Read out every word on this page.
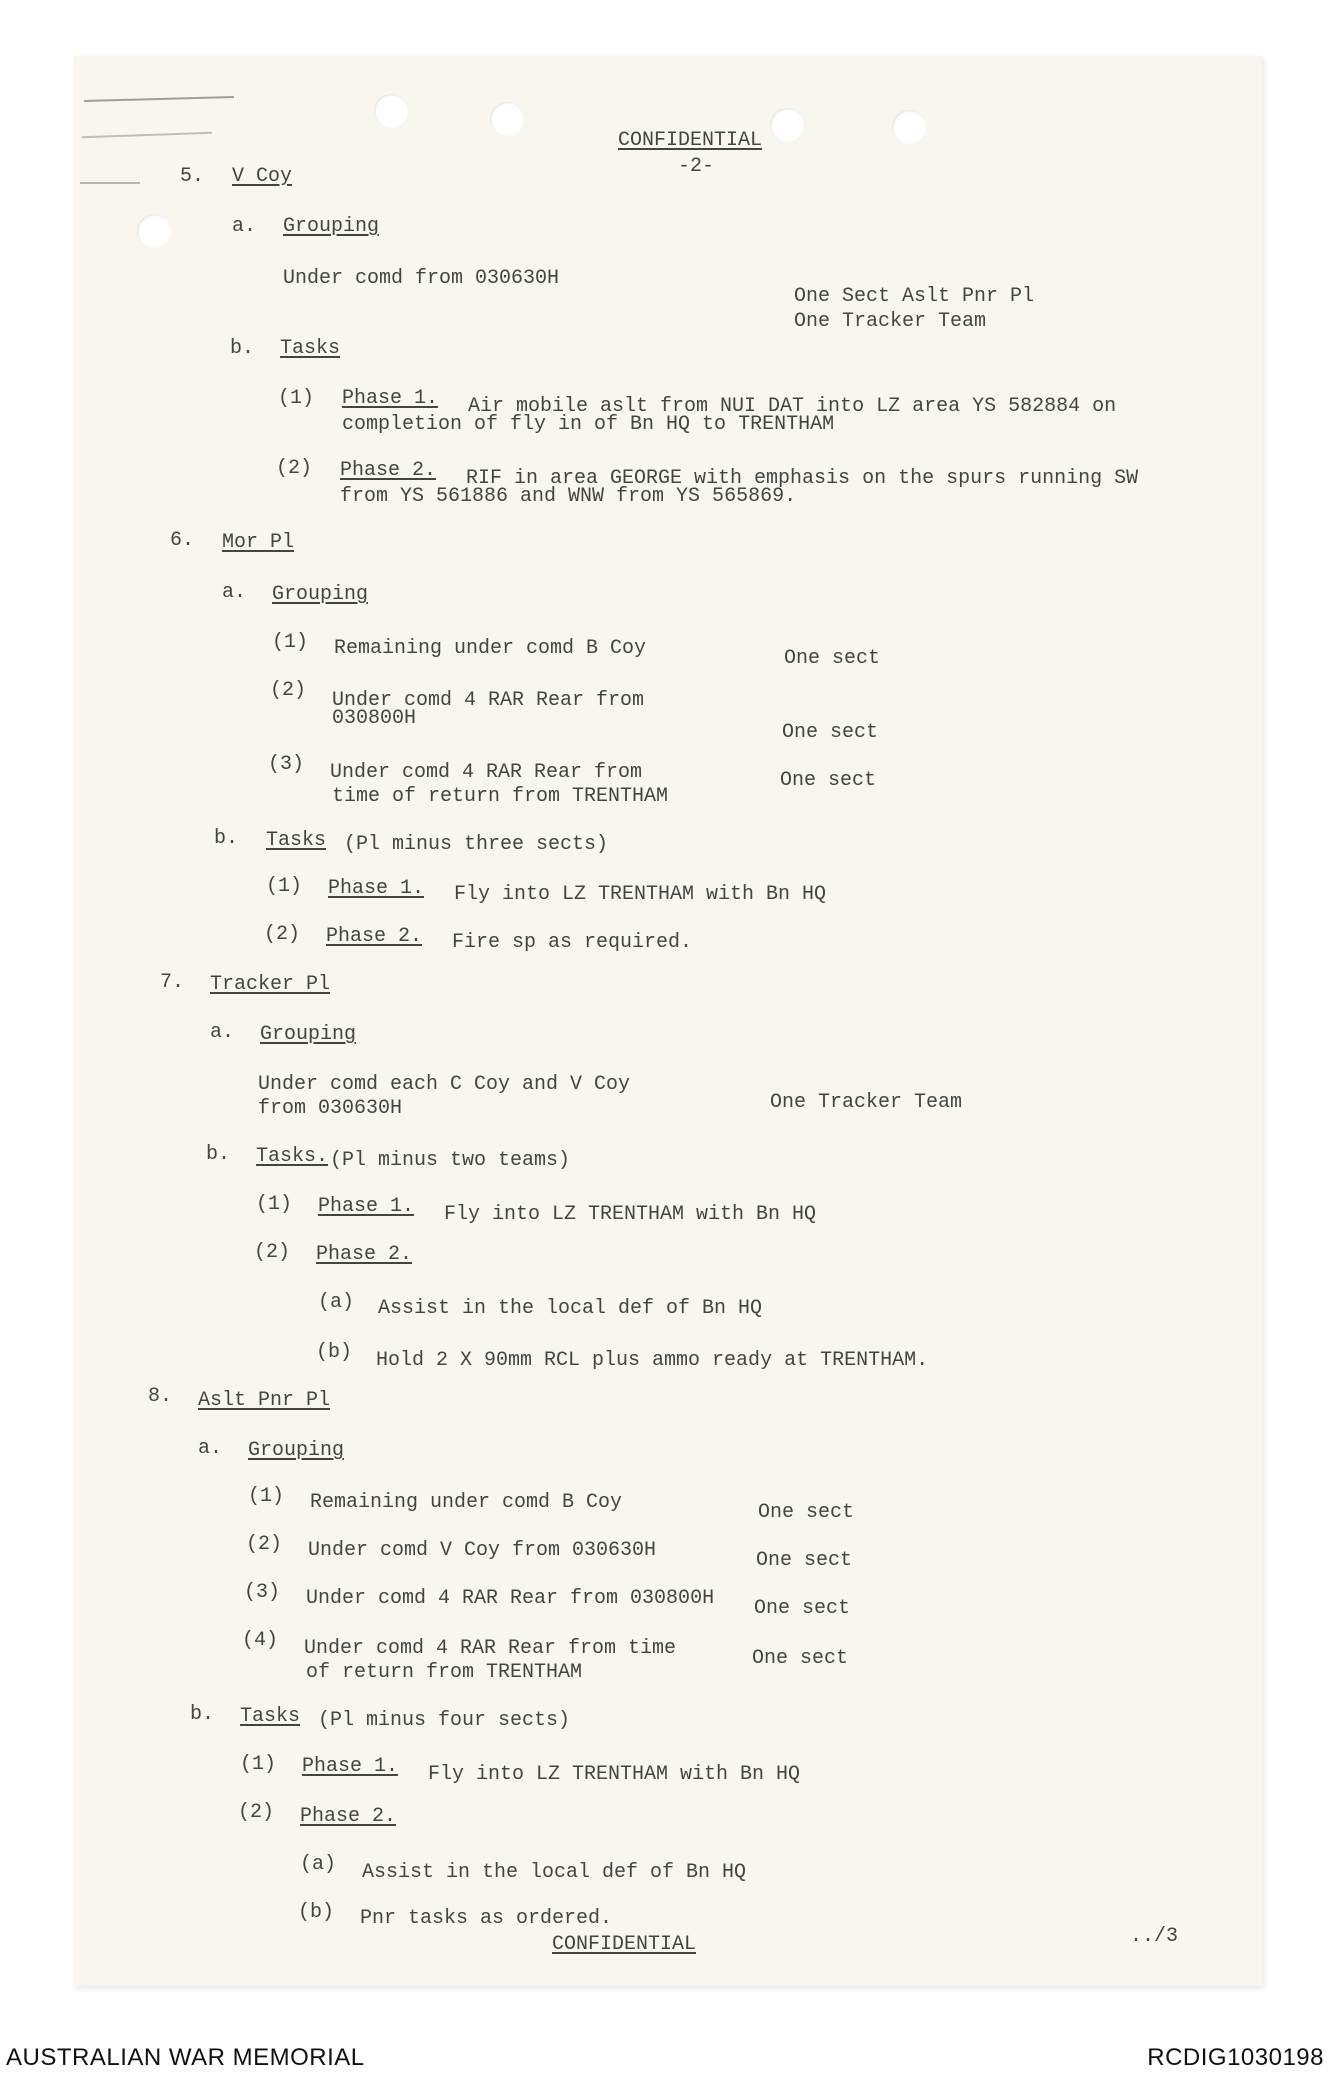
CONFIDENTIAL
-2-
5. V Coy
a. Grouping
Under comd from 030630H
One Sect Aslt Pnr Pl
One Tracker Team
b. Tasks
(1) Phase 1. Air mobile aslt from NUI DAT into LZ area YS 582884 on
completion of fly in of Bn HQ to TRENTHAM
(2) Phase 2. RIF in area GEORGE with emphasis on the spurs running SW
from YS 561886 and WNW from YS 565869.
6. Mor Pl
a. Grouping
(1) Remaining under comd B Coy	One sect
(2) Under comd 4 RAR Rear from
030800H
One sect
(3) Under comd 4 RAR Rear from
time of return from TRENTHAM
One sect
b. Tasks (Pl minus three sects)
(1) Phase 1. Fly into LZ TRENTHAM with Bn HQ
(2) Phase 2. Fire sp as required.
7. Tracker Pl
a. Grouping
Under comd each C Coy and V Coy
from 030630H	One Tracker Team
b. Tasks. (Pl minus two teams)
(1) Phase 1. Fly into LZ TRENTHAM with Bn HQ
(2) Phase 2.
(a) Assist in the local def of Bn HQ
(b) Hold 2 X 90mm RCL plus ammo ready at TRENTHAM.
8. Aslt Pnr Pl
a. Grouping
(1) Remaining under comd B Coy	One sect
(2) Under comd V Coy from 030630H	One sect
(3) Under comd 4 RAR Rear from 030800H One sect
(4) Under comd 4 RAR Rear from time
of return from TRENTHAM
One sect
b. Tasks (Pl minus four sects)
(1) Phase 1. Fly into LZ TRENTHAM with Bn HQ
(2) Phase 2.
(a) Assist in the local def of Bn HQ
(b) Pnr tasks as ordered.
CONFIDENTIAL	../3
AUSTRALIAN WAR MEMORIAL	RCDIG1030198
